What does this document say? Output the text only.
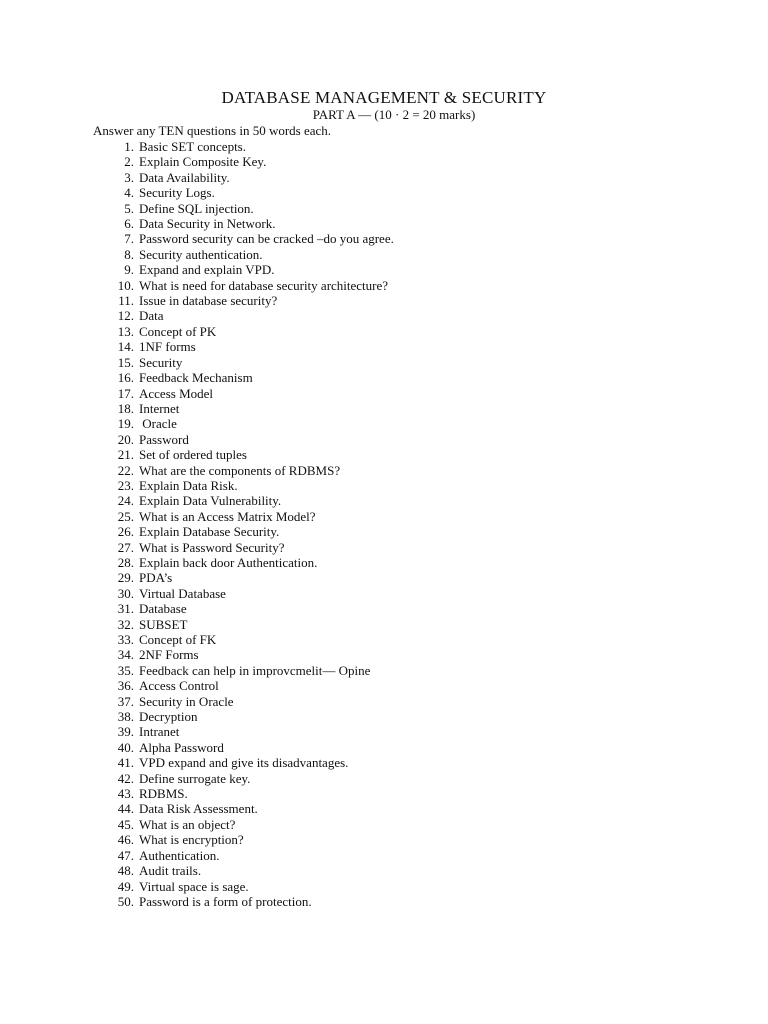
DATABASE MANAGEMENT & SECURITY
PART A — (10 · 2 = 20 marks)
Answer any TEN questions in 50 words each.
1. Basic SET concepts.
2. Explain Composite Key.
3. Data Availability.
4. Security Logs.
5. Define SQL injection.
6. Data Security in Network.
7. Password security can be cracked –do you agree.
8. Security authentication.
9. Expand and explain VPD.
10. What is need for database security architecture?
11. Issue in database security?
12. Data
13. Concept of PK
14. 1NF forms
15. Security
16. Feedback Mechanism
17. Access Model
18. Internet
19. Oracle
20. Password
21. Set of ordered tuples
22. What are the components of RDBMS?
23. Explain Data Risk.
24. Explain Data Vulnerability.
25. What is an Access Matrix Model?
26. Explain Database Security.
27. What is Password Security?
28. Explain back door Authentication.
29. PDA’s
30. Virtual Database
31. Database
32. SUBSET
33. Concept of FK
34. 2NF Forms
35. Feedback can help in improvcmelit— Opine
36. Access Control
37. Security in Oracle
38. Decryption
39. Intranet
40. Alpha Password
41. VPD expand and give its disadvantages.
42. Define surrogate key.
43. RDBMS.
44. Data Risk Assessment.
45. What is an object?
46. What is encryption?
47. Authentication.
48. Audit trails.
49. Virtual space is sage.
50. Password is a form of protection.
